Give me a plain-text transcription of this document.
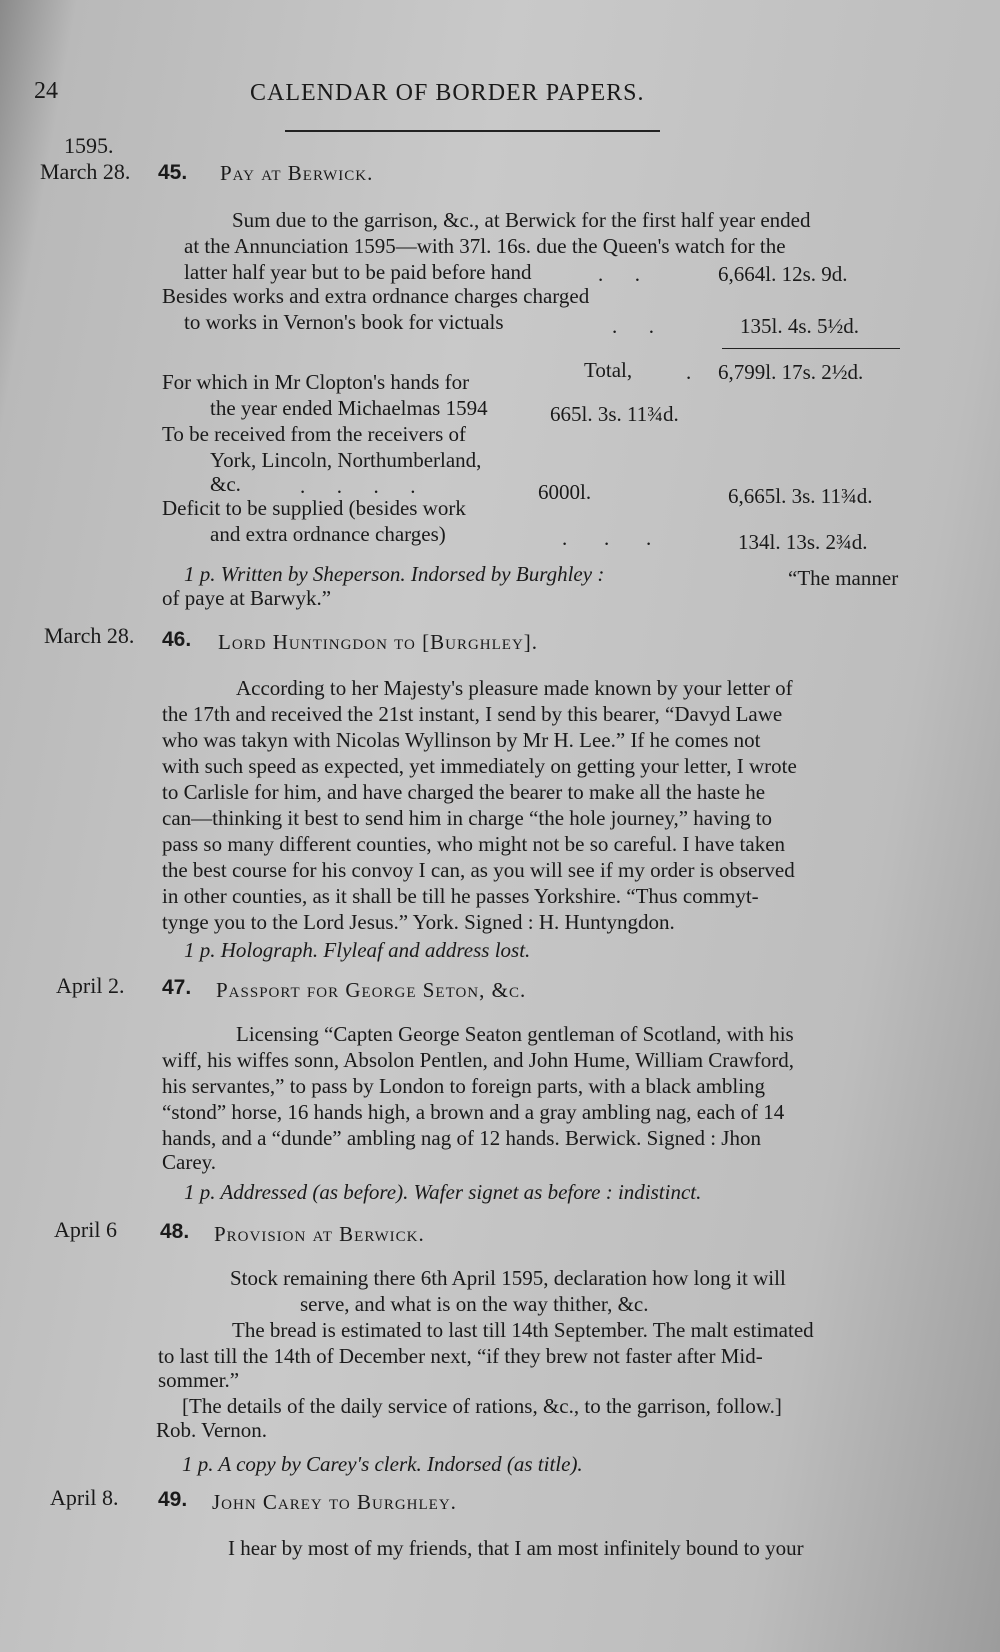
24	CALENDAR OF BORDER PAPERS.
1595.
March 28. 45. Pay at Berwick.
Sum due to the garrison, &c., at Berwick for the first half year ended
at the Annunciation 1595—with 37l. 16s. due the Queen's watch for the
latter half year but to be paid before hand	.      .	6,664l. 12s. 9d.
Besides works and extra ordnance charges charged
to works in Vernon's book for victuals	.      .	135l. 4s. 5½d.
Total,	. 6,799l. 17s. 2½d.
For which in Mr Clopton's hands for
the year ended Michaelmas 1594	665l. 3s. 11¾d.
To be received from the receivers of
York, Lincoln, Northumberland,
&c.	.      .      .      .	6000l.	6,665l. 3s. 11¾d.
Deficit to be supplied (besides work
and extra ordnance charges)	.       .       .	134l. 13s. 2¾d.
1 p. Written by Sheperson. Indorsed by Burghley :	“The manner
of paye at Barwyk.”
March 28. 46. Lord Huntingdon to [Burghley].
According to her Majesty's pleasure made known by your letter of
the 17th and received the 21st instant, I send by this bearer, “Davyd Lawe
who was takyn with Nicolas Wyllinson by Mr H. Lee.” If he comes not
with such speed as expected, yet immediately on getting your letter, I wrote
to Carlisle for him, and have charged the bearer to make all the haste he
can—thinking it best to send him in charge “the hole journey,” having to
pass so many different counties, who might not be so careful. I have taken
the best course for his convoy I can, as you will see if my order is observed
in other counties, as it shall be till he passes Yorkshire. “Thus commyt-
tynge you to the Lord Jesus.” York. Signed : H. Huntyngdon.
1 p. Holograph. Flyleaf and address lost.
April 2. 47. Passport for George Seton, &c.
Licensing “Capten George Seaton gentleman of Scotland, with his
wiff, his wiffes sonn, Absolon Pentlen, and John Hume, William Crawford,
his servantes,” to pass by London to foreign parts, with a black ambling
“stond” horse, 16 hands high, a brown and a gray ambling nag, each of 14
hands, and a “dunde” ambling nag of 12 hands. Berwick. Signed : Jhon
Carey.
1 p. Addressed (as before). Wafer signet as before : indistinct.
April 6 48. Provision at Berwick.
Stock remaining there 6th April 1595, declaration how long it will
serve, and what is on the way thither, &c.
The bread is estimated to last till 14th September. The malt estimated
to last till the 14th of December next, “if they brew not faster after Mid-
sommer.”
[The details of the daily service of rations, &c., to the garrison, follow.]
Rob. Vernon.
1 p. A copy by Carey's clerk. Indorsed (as title).
April 8. 49. John Carey to Burghley.
I hear by most of my friends, that I am most infinitely bound to your
